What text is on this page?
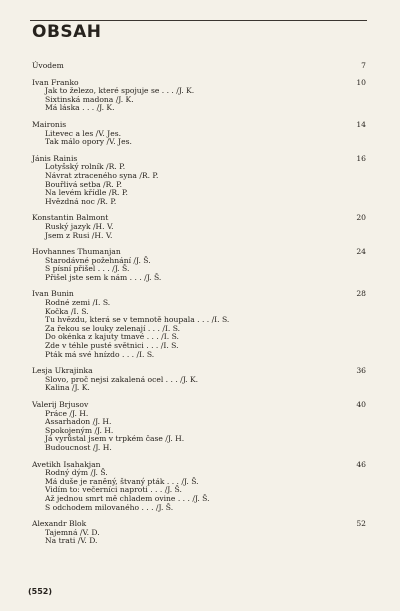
OBSAH
Úvodem	7
Ivan Franko	10
Jak to železo, které spojuje se . . . /J. K.
Sixtinská madona /J. K.
Má láska . . . /J. K.
Maironis	14
Litevec a les /V. Jes.
Tak málo opory /V. Jes.
Jánis Rainis	16
Lotyšský rolník /R. P.
Návrat ztraceného syna /R. P.
Bouřlivá setba /R. P.
Na levém křídle /R. P.
Hvězdná noc /R. P.
Konstantin Balmont	20
Ruský jazyk /H. V.
Jsem z Rusi /H. V.
Hovhannes Thumanjan	24
Starodávné požehnání /J. Š.
S písní přišel . . . /J. Š.
Přišel jste sem k nám . . . /J. Š.
Ivan Bunin	28
Rodné zemi /I. S.
Kočka /I. S.
Tu hvězdu, která se v temnotě houpala . . . /I. S.
Za řekou se louky zelenají . . . /I. S.
Do okénka z kajuty tmavé . . . /I. S.
Zde v téhle pusté světnici . . . /I. S.
Pták má své hnízdo . . . /I. S.
Lesja Ukrajinka	36
Slovo, proč nejsi zakalená ocel . . . /J. K.
Kalina /J. K.
Valerij Brjusov	40
Práce /J. H.
Assarhadon /J. H.
Spokojeným /J. H.
Já vyrůstal jsem v trpkém čase /J. H.
Budoucnost /J. H.
Avetikh Isahakjan	46
Rodný dým /J. Š.
Má duše je raněný, štvaný pták . . . /J. Š.
Vidím to: večerníci naproti . . . /J. Š.
Až jednou smrt mě chladem ovine . . . /J. Š.
S odchodem milovaného . . . /J. Š.
Alexandr Blok	52
Tajemná /V. D.
Na trati /V. D.
(552)
